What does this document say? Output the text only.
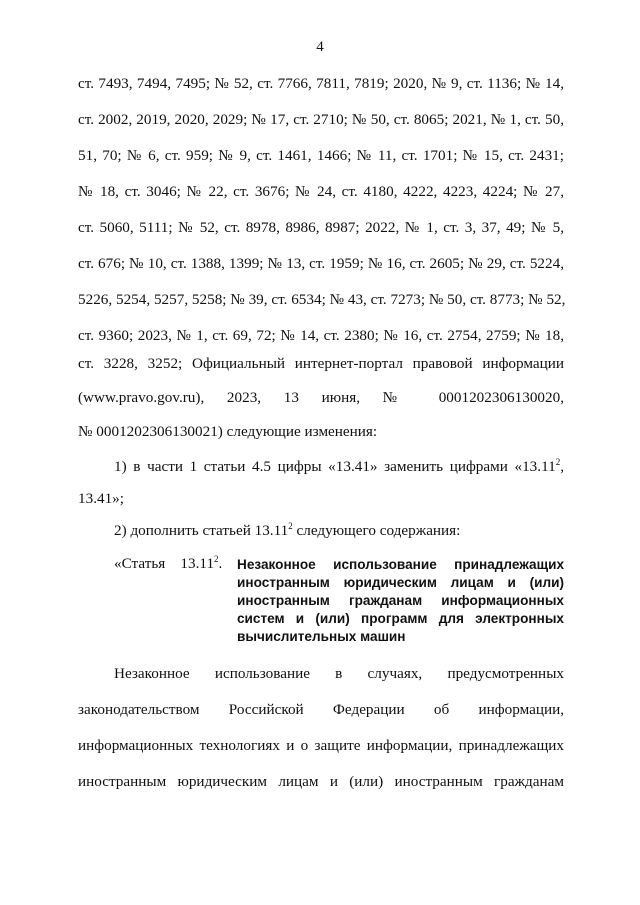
4
ст. 7493, 7494, 7495; № 52, ст. 7766, 7811, 7819; 2020, № 9, ст. 1136; № 14,
ст. 2002, 2019, 2020, 2029; № 17, ст. 2710; № 50, ст. 8065; 2021, № 1, ст. 50,
51, 70; № 6, ст. 959; № 9, ст. 1461, 1466; № 11, ст. 1701; № 15, ст. 2431;
№ 18, ст. 3046; № 22, ст. 3676; № 24, ст. 4180, 4222, 4223, 4224; № 27,
ст. 5060, 5111; № 52, ст. 8978, 8986, 8987; 2022, № 1, ст. 3, 37, 49; № 5,
ст. 676; № 10, ст. 1388, 1399; № 13, ст. 1959; № 16, ст. 2605; № 29, ст. 5224,
5226, 5254, 5257, 5258; № 39, ст. 6534; № 43, ст. 7273; № 50, ст. 8773; № 52,
ст. 9360; 2023, № 1, ст. 69, 72; № 14, ст. 2380; № 16, ст. 2754, 2759; № 18,
ст. 3228, 3252; Официальный интернет-портал правовой информации
(www.pravo.gov.ru), 2023, 13 июня, № 0001202306130020,
№ 0001202306130021) следующие изменения:
1) в части 1 статьи 4.5 цифры «13.41» заменить цифрами «13.11$^2$,
13.41»;
2) дополнить статьей 13.11$^2$ следующего содержания:
«Статья    13.11$^2$. Незаконное использование принадлежащих
иностранным юридическим лицам и (или)
иностранным гражданам информационных
систем и (или) программ для электронных
вычислительных машин
Незаконное использование в случаях, предусмотренных
законодательством Российской Федерации об информации,
информационных технологиях и о защите информации, принадлежащих
иностранным юридическим лицам и (или) иностранным гражданам
